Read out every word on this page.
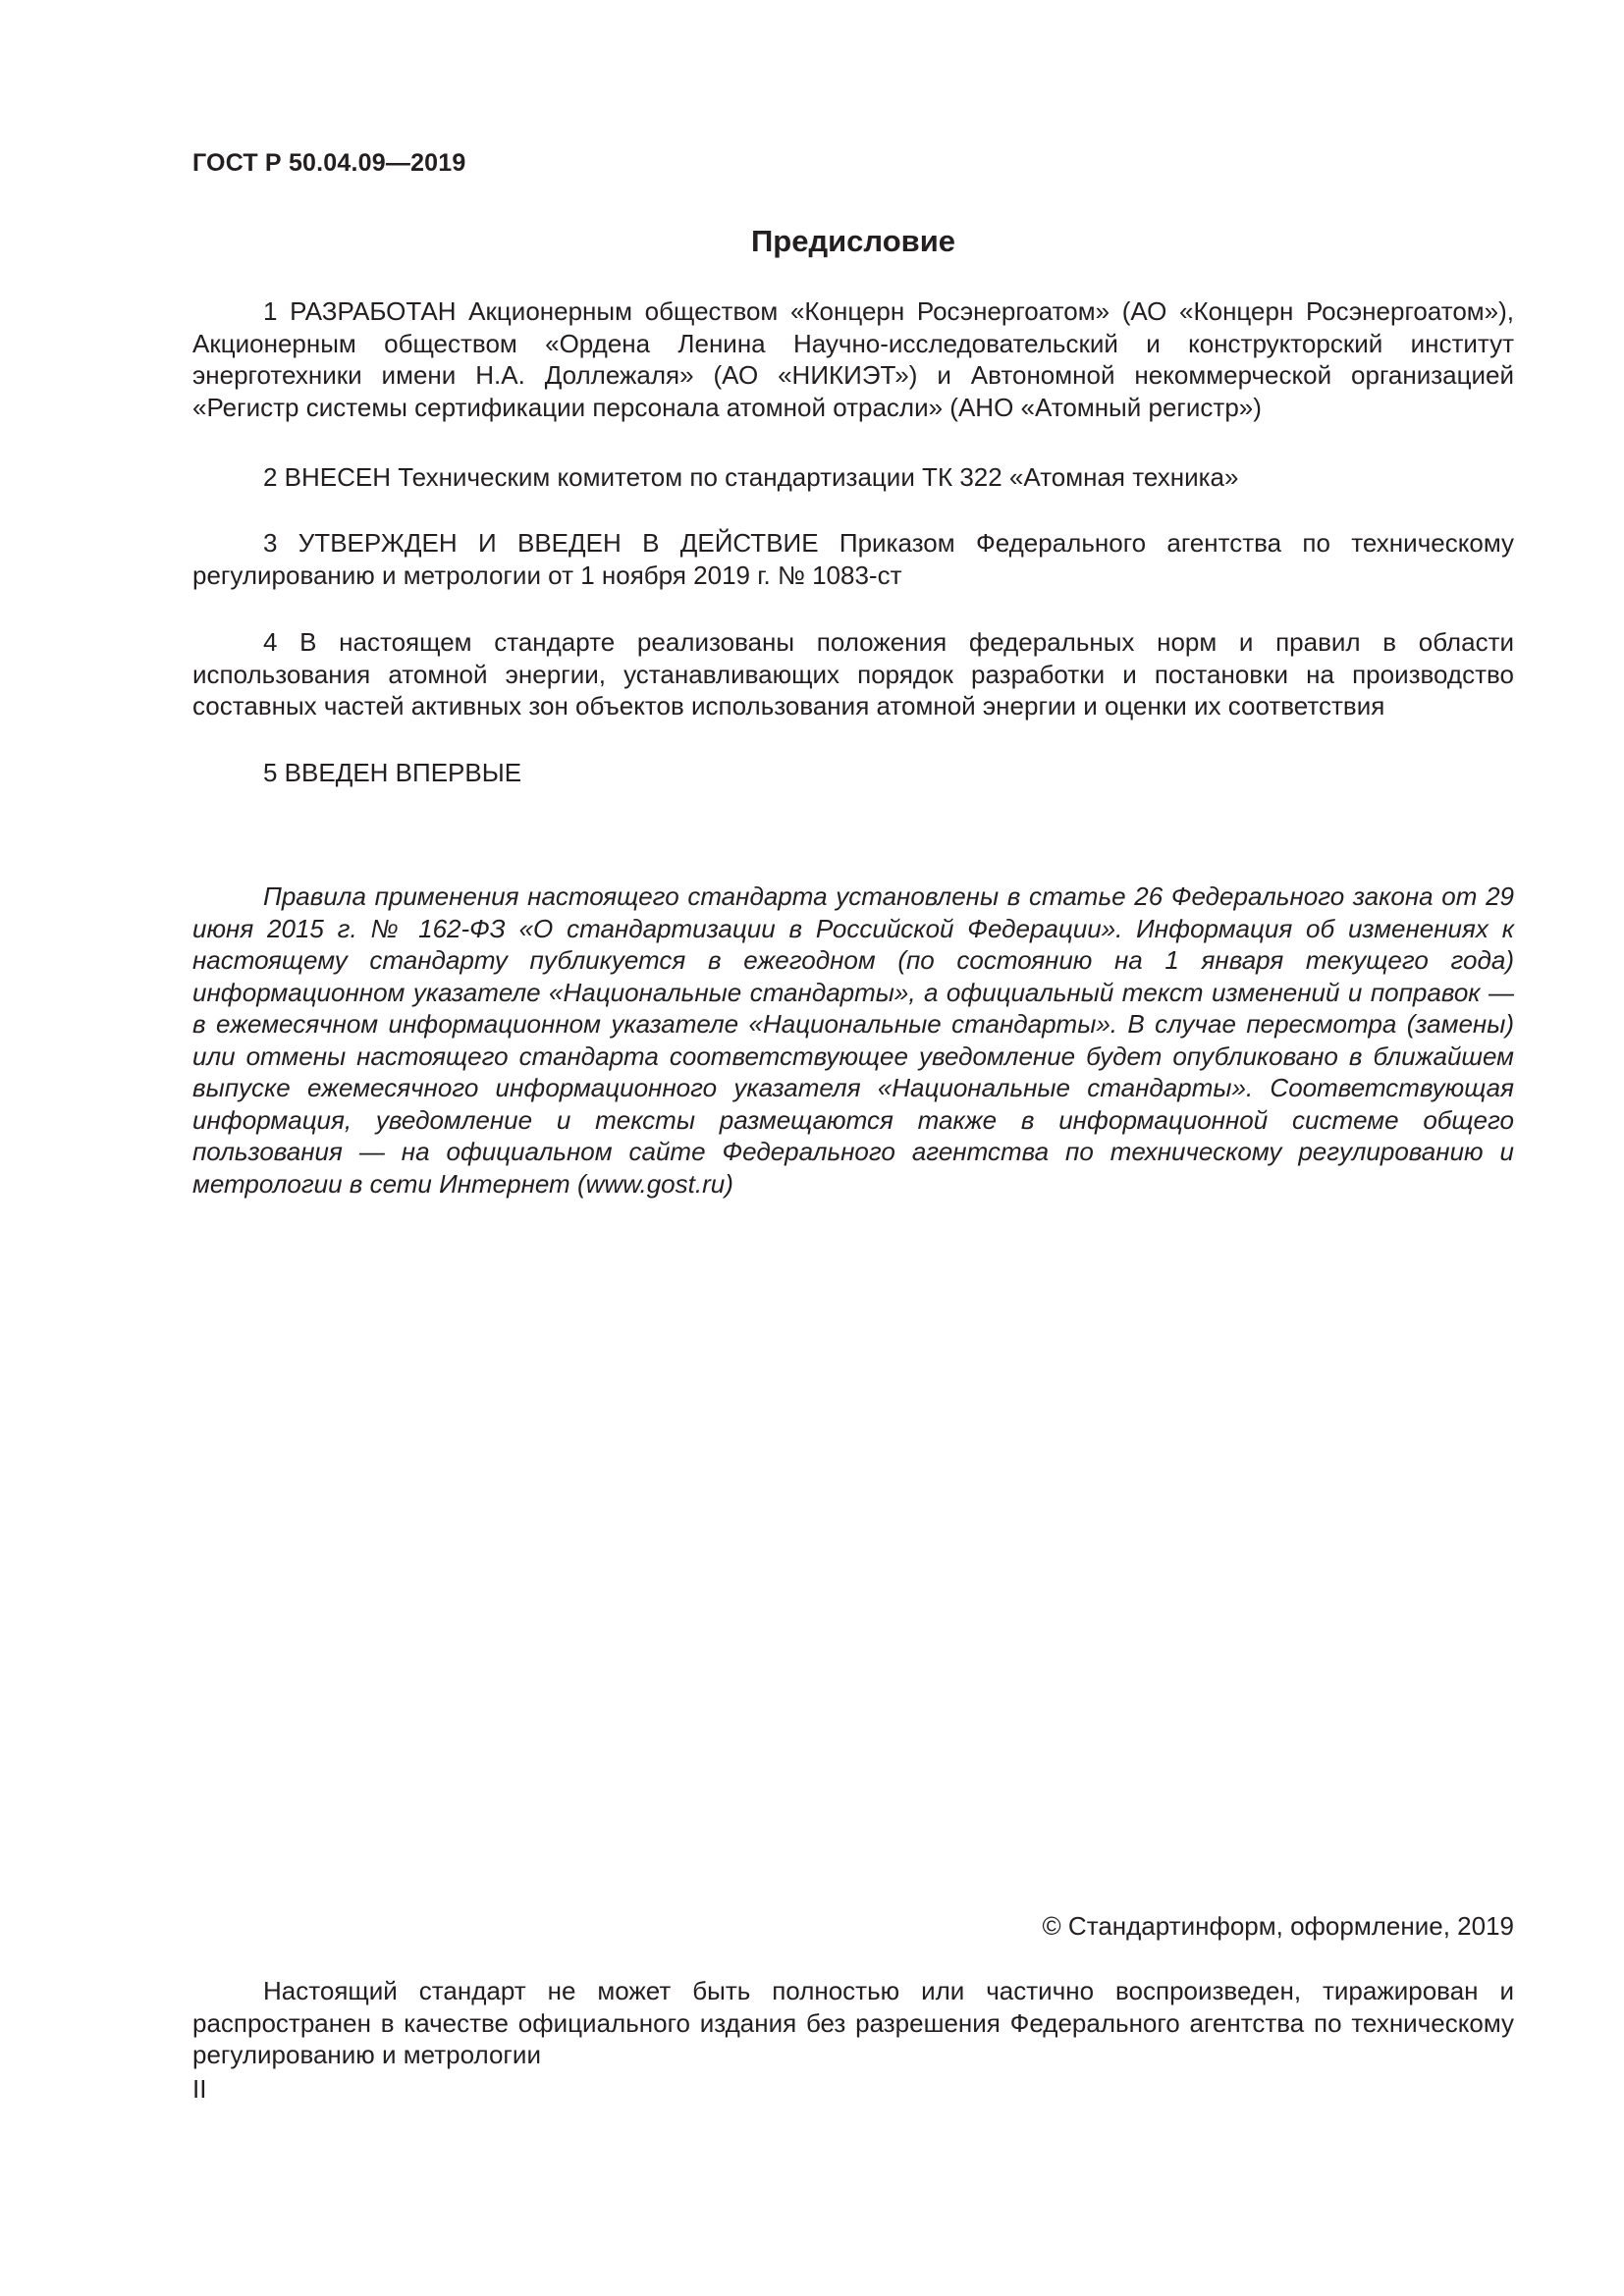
ГОСТ Р 50.04.09—2019
Предисловие

1 РАЗРАБОТАН Акционерным обществом «Концерн Росэнергоатом» (АО «Концерн Росэнергоатом»), Акционерным обществом «Ордена Ленина Научно-исследовательский и конструкторский институт энерготехники имени Н.А. Доллежаля» (АО «НИКИЭТ») и Автономной некоммерческой организацией «Регистр системы сертификации персонала атомной отрасли» (АНО «Атомный регистр»)

2 ВНЕСЕН Техническим комитетом по стандартизации ТК 322 «Атомная техника»

3 УТВЕРЖДЕН И ВВЕДЕН В ДЕЙСТВИЕ Приказом Федерального агентства по техническому регулированию и метрологии от 1 ноября 2019 г. № 1083-ст

4 В настоящем стандарте реализованы положения федеральных норм и правил в области использования атомной энергии, устанавливающих порядок разработки и постановки на производство составных частей активных зон объектов использования атомной энергии и оценки их соответствия

5 ВВЕДЕН ВПЕРВЫЕ

Правила применения настоящего стандарта установлены в статье 26 Федерального закона от 29 июня 2015 г. № 162-ФЗ «О стандартизации в Российской Федерации». Информация об изменениях к настоящему стандарту публикуется в ежегодном (по состоянию на 1 января текущего года) информационном указателе «Национальные стандарты», а официальный текст изменений и поправок — в ежемесячном информационном указателе «Национальные стандарты». В случае пересмотра (замены) или отмены настоящего стандарта соответствующее уведомление будет опубликовано в ближайшем выпуске ежемесячного информационного указателя «Национальные стандарты». Соответствующая информация, уведомление и тексты размещаются также в информационной системе общего пользования — на официальном сайте Федерального агентства по техническому регулированию и метрологии в сети Интернет (www.gost.ru)

© Стандартинформ, оформление, 2019

Настоящий стандарт не может быть полностью или частично воспроизведен, тиражирован и распространен в качестве официального издания без разрешения Федерального агентства по техническому регулированию и метрологии

II
